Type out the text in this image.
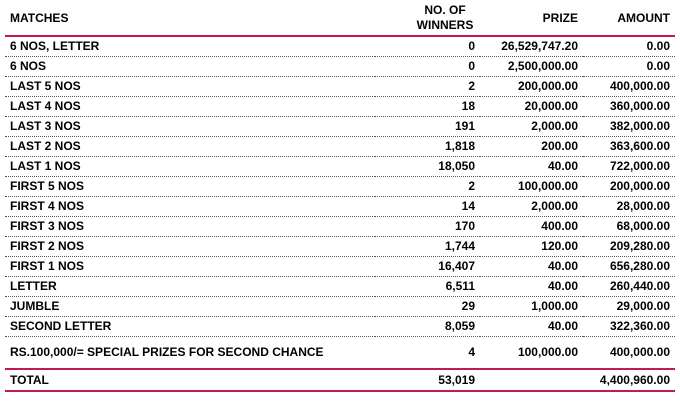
MATCHES	NO. OF WINNERS	PRIZE	AMOUNT
6 NOS, LETTER	0	26,529,747.20	0.00
6 NOS	0	2,500,000.00	0.00
LAST 5 NOS	2	200,000.00	400,000.00
LAST 4 NOS	18	20,000.00	360,000.00
LAST 3 NOS	191	2,000.00	382,000.00
LAST 2 NOS	1,818	200.00	363,600.00
LAST 1 NOS	18,050	40.00	722,000.00
FIRST 5 NOS	2	100,000.00	200,000.00
FIRST 4 NOS	14	2,000.00	28,000.00
FIRST 3 NOS	170	400.00	68,000.00
FIRST 2 NOS	1,744	120.00	209,280.00
FIRST 1 NOS	16,407	40.00	656,280.00
LETTER	6,511	40.00	260,440.00
JUMBLE	29	1,000.00	29,000.00
SECOND LETTER	8,059	40.00	322,360.00
RS.100,000/= SPECIAL PRIZES FOR SECOND CHANCE	4	100,000.00	400,000.00
TOTAL	53,019		4,400,960.00
